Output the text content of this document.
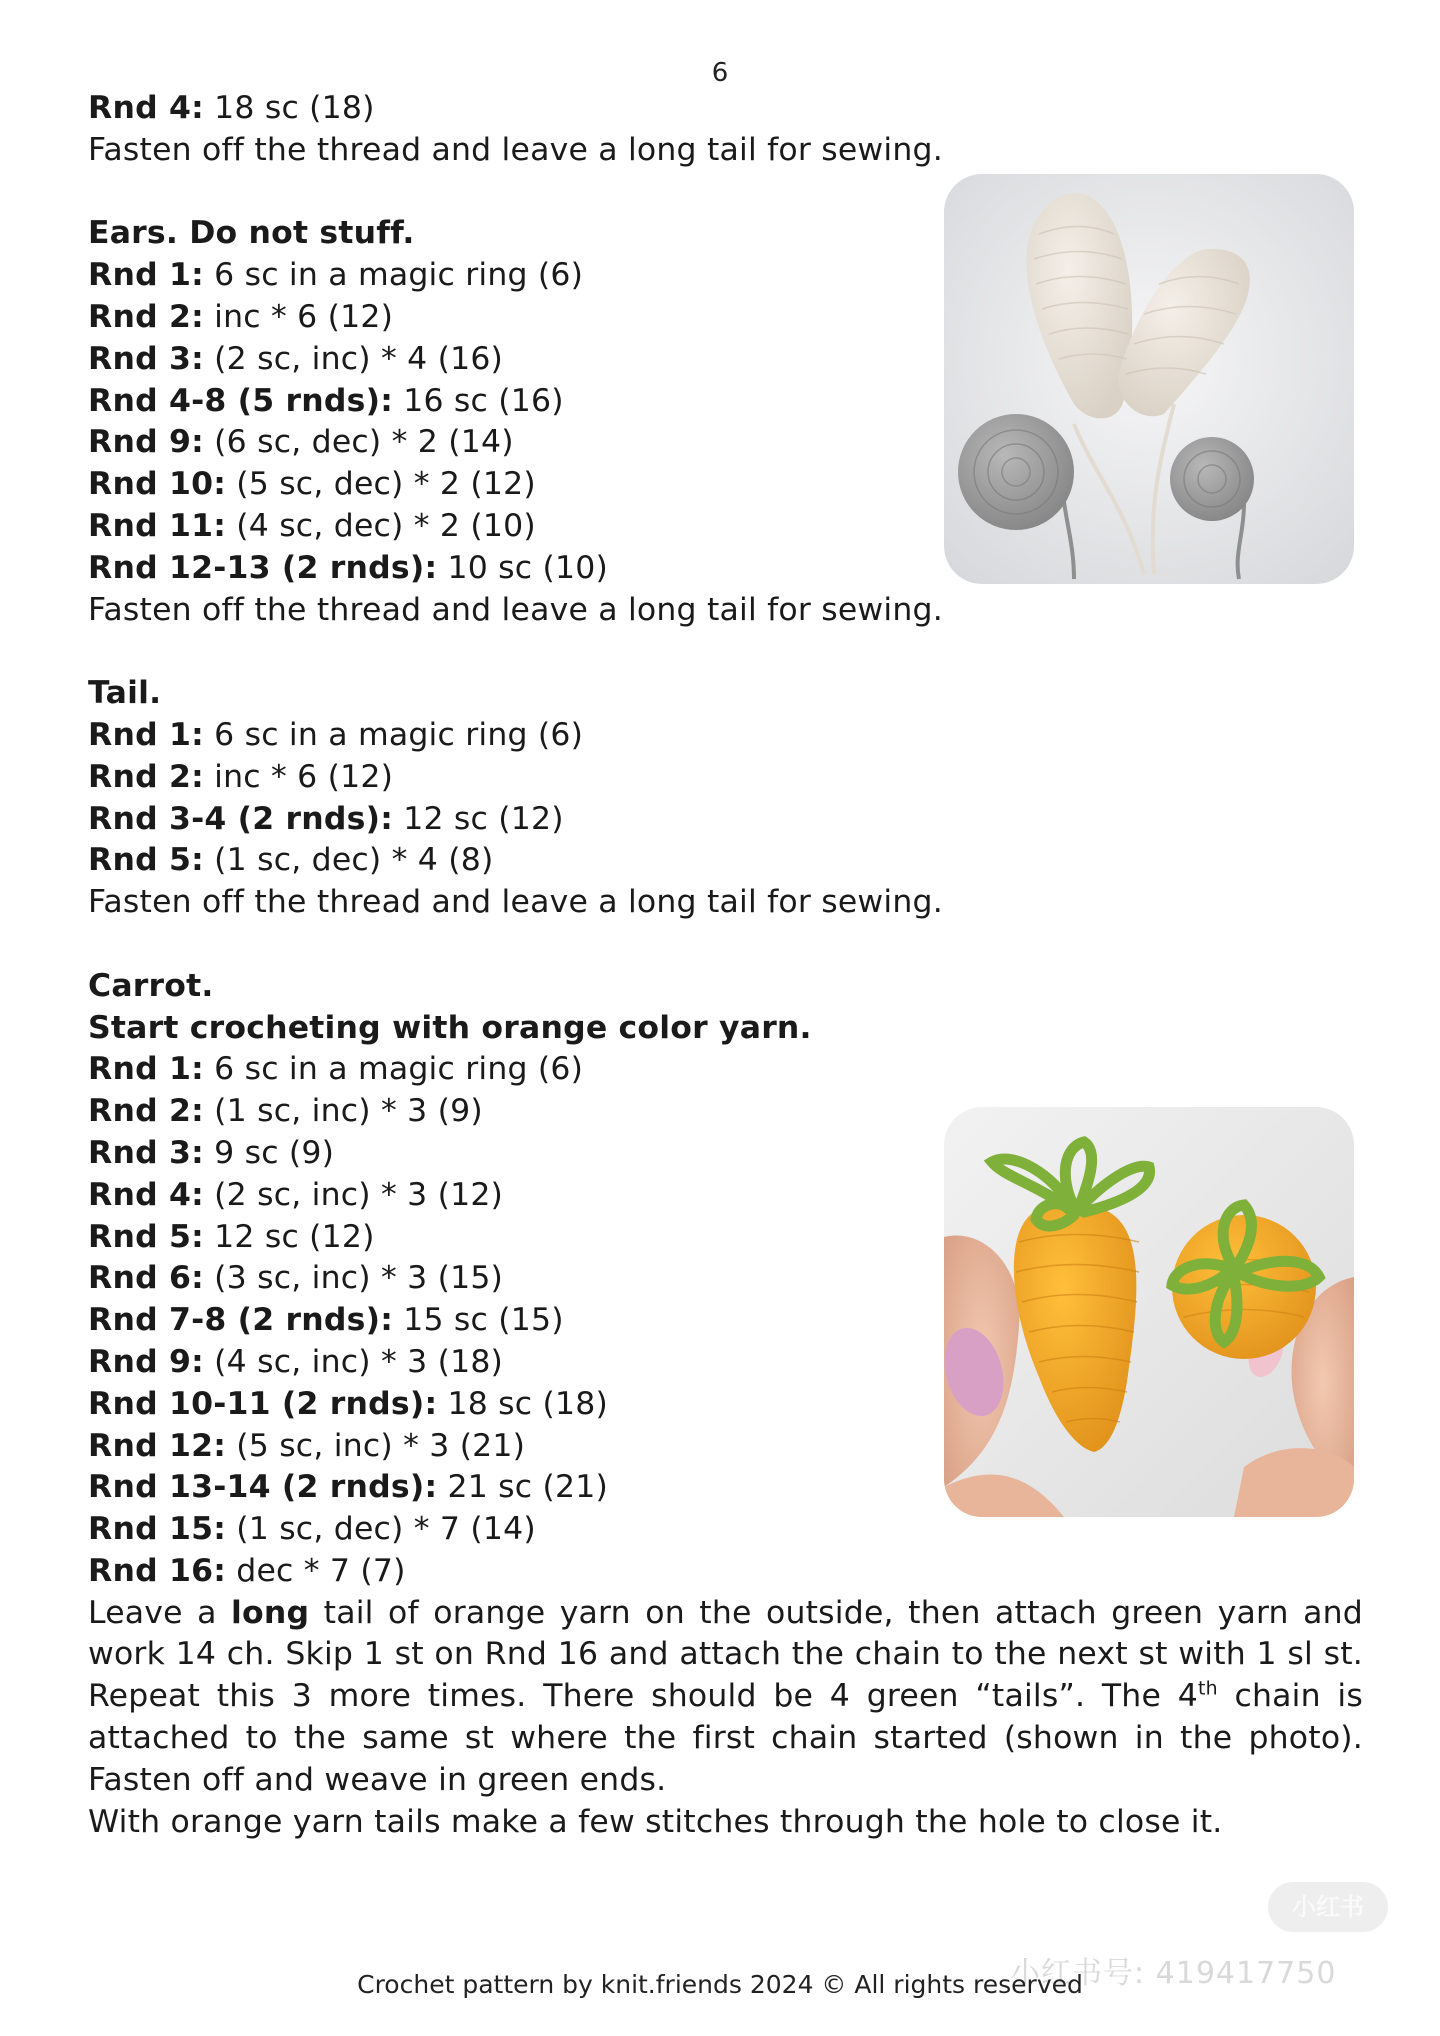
6
Rnd 4: 18 sc (18)
Fasten off the thread and leave a long tail for sewing.
Ears. Do not stuff.
Rnd 1: 6 sc in a magic ring (6)
Rnd 2: inc * 6 (12)
Rnd 3: (2 sc, inc) * 4 (16)
Rnd 4-8 (5 rnds): 16 sc (16)
Rnd 9: (6 sc, dec) * 2 (14)
Rnd 10: (5 sc, dec) * 2 (12)
Rnd 11: (4 sc, dec) * 2 (10)
Rnd 12-13 (2 rnds): 10 sc (10)
Fasten off the thread and leave a long tail for sewing.
Tail.
Rnd 1: 6 sc in a magic ring (6)
Rnd 2: inc * 6 (12)
Rnd 3-4 (2 rnds): 12 sc (12)
Rnd 5: (1 sc, dec) * 4 (8)
Fasten off the thread and leave a long tail for sewing.
Carrot.
Start crocheting with orange color yarn.
Rnd 1: 6 sc in a magic ring (6)
Rnd 2: (1 sc, inc) * 3 (9)
Rnd 3: 9 sc (9)
Rnd 4: (2 sc, inc) * 3 (12)
Rnd 5: 12 sc (12)
Rnd 6: (3 sc, inc) * 3 (15)
Rnd 7-8 (2 rnds): 15 sc (15)
Rnd 9: (4 sc, inc) * 3 (18)
Rnd 10-11 (2 rnds): 18 sc (18)
Rnd 12: (5 sc, inc) * 3 (21)
Rnd 13-14 (2 rnds): 21 sc (21)
Rnd 15: (1 sc, dec) * 7 (14)
Rnd 16: dec * 7 (7)
Leave a long tail of orange yarn on the outside, then attach green yarn and work 14 ch. Skip 1 st on Rnd 16 and attach the chain to the next st with 1 sl st. Repeat this 3 more times. There should be 4 green “tails”. The 4th chain is attached to the same st where the first chain started (shown in the photo).
Fasten off and weave in green ends.
With orange yarn tails make a few stitches through the hole to close it.
小红书
小红书号: 419417750
Crochet pattern by knit.friends 2024 © All rights reserved
